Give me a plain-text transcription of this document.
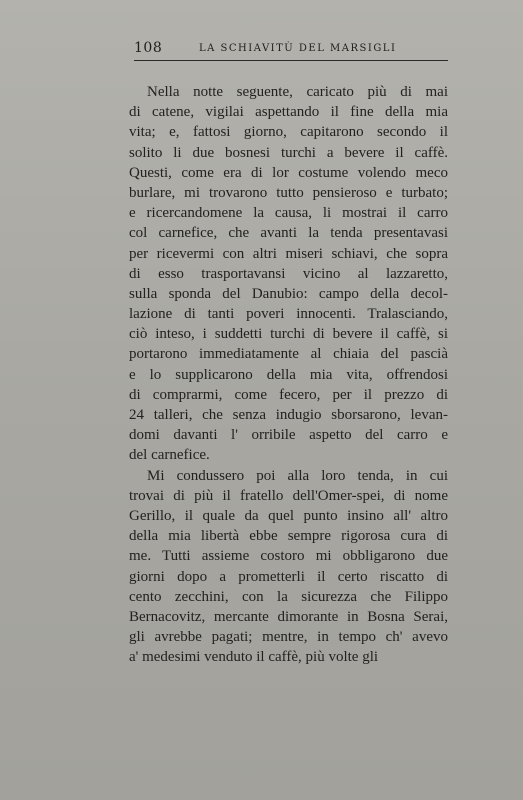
108	LA SCHIAVITÙ DEL MARSIGLI
Nella notte seguente, caricato più di mai
di catene, vigilai aspettando il fine della mia
vita; e, fattosi giorno, capitarono secondo il
solito li due bosnesi turchi a bevere il caffè.
Questi, come era di lor costume volendo meco
burlare, mi trovarono tutto pensieroso e turbato;
e ricercandomene la causa, li mostrai il carro
col carnefice, che avanti la tenda presentavasi
per ricevermi con altri miseri schiavi, che sopra
di esso trasportavansi vicino al lazzaretto,
sulla sponda del Danubio: campo della decol-
lazione di tanti poveri innocenti. Tralasciando,
ciò inteso, i suddetti turchi di bevere il caffè, si
portarono immediatamente al chiaia del pascià
e lo supplicarono della mia vita, offrendosi
di comprarmi, come fecero, per il prezzo di
24 talleri, che senza indugio sborsarono, levan-
domi davanti l' orribile aspetto del carro e
del carnefice.
Mi condussero poi alla loro tenda, in cui
trovai di più il fratello dell'Omer-spei, di nome
Gerillo, il quale da quel punto insino all' altro
della mia libertà ebbe sempre rigorosa cura di
me. Tutti assieme costoro mi obbligarono due
giorni dopo a prometterli il certo riscatto di
cento zecchini, con la sicurezza che Filippo
Bernacovitz, mercante dimorante in Bosna Serai,
gli avrebbe pagati; mentre, in tempo ch' avevo
a' medesimi venduto il caffè, più volte gli
